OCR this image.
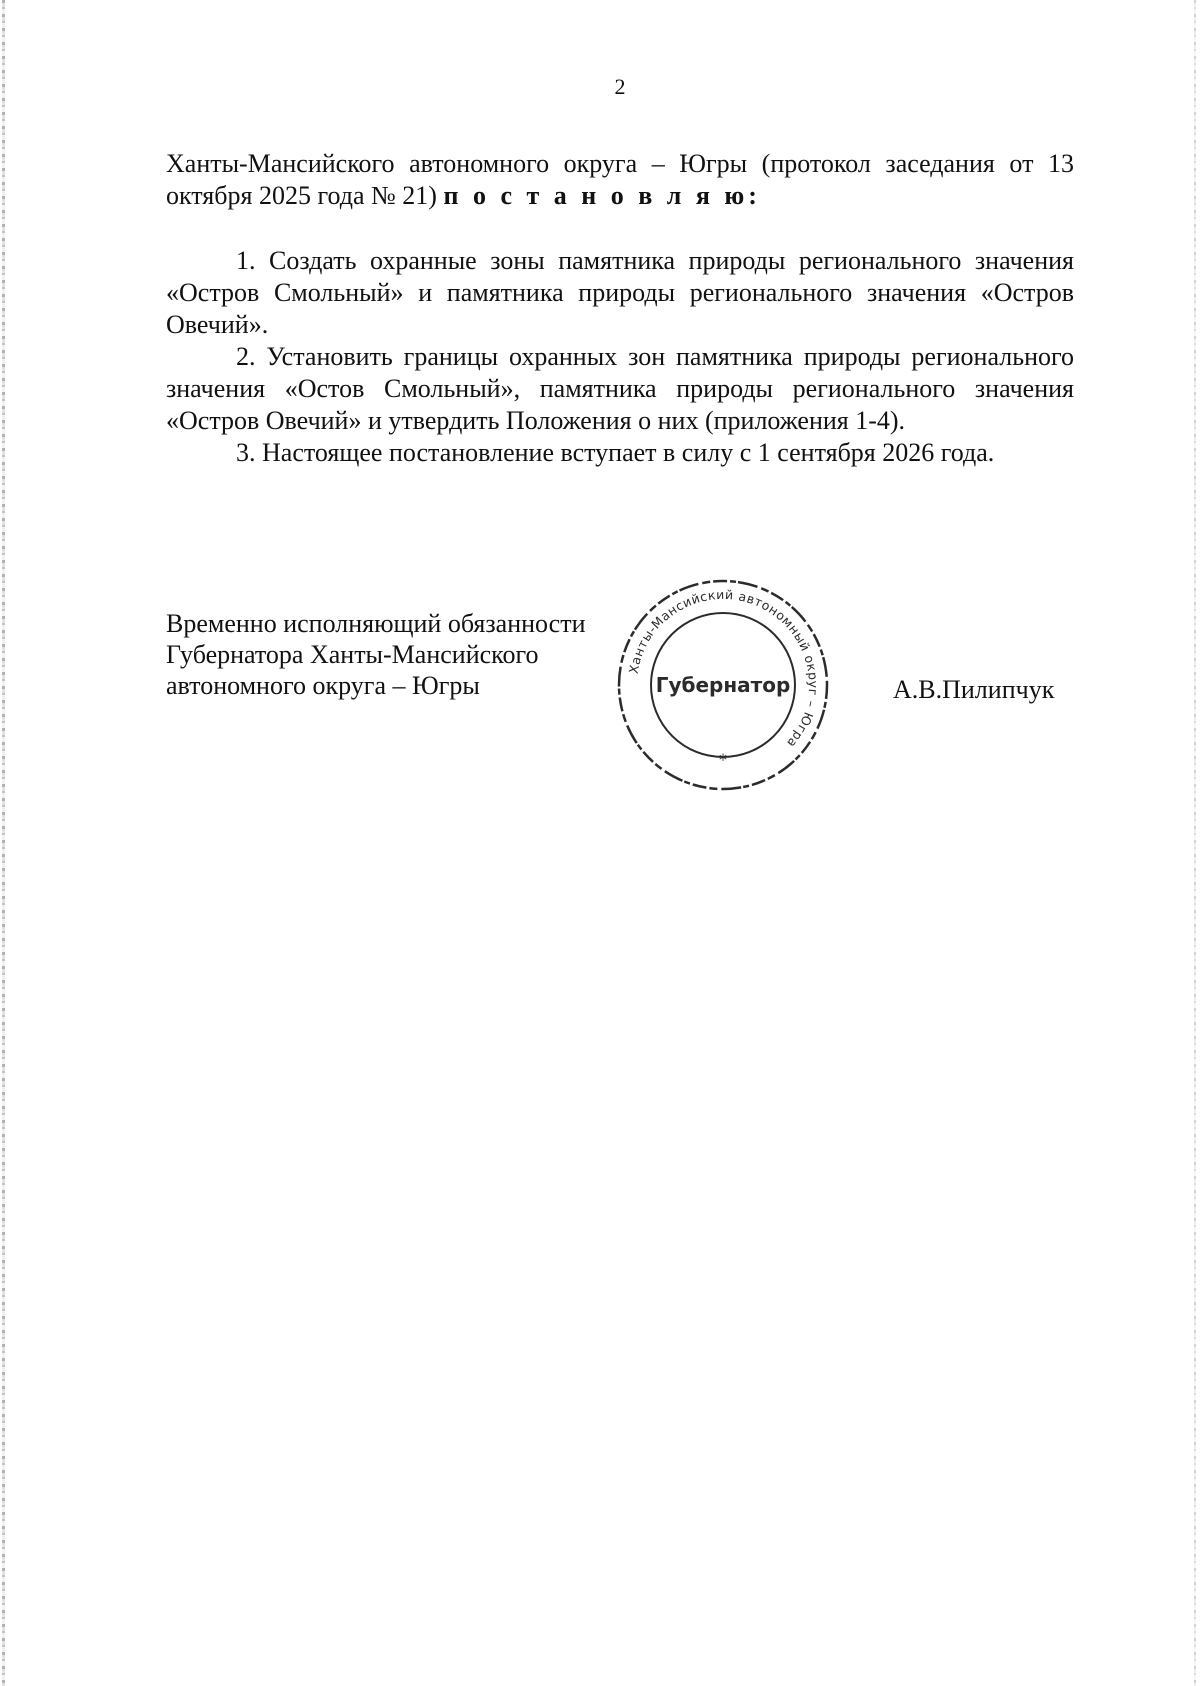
2

Ханты-Мансийского автономного округа – Югры (протокол заседания от 13 октября 2025 года № 21) п о с т а н о в л я ю:

1. Создать охранные зоны памятника природы регионального значения «Остров Смольный» и памятника природы регионального значения «Остров Овечий».

2. Установить границы охранных зон памятника природы регионального значения «Остов Смольный», памятника природы регионального значения «Остров Овечий» и утвердить Положения о них (приложения 1-4).

3. Настоящее постановление вступает в силу с 1 сентября 2026 года.

Временно исполняющий обязанности
Губернатора Ханты-Мансийского
автономного округа – Югры	А.В.Пилипчук
Ханты-Мансийский автономный округ – Югра
Губернатор
*
